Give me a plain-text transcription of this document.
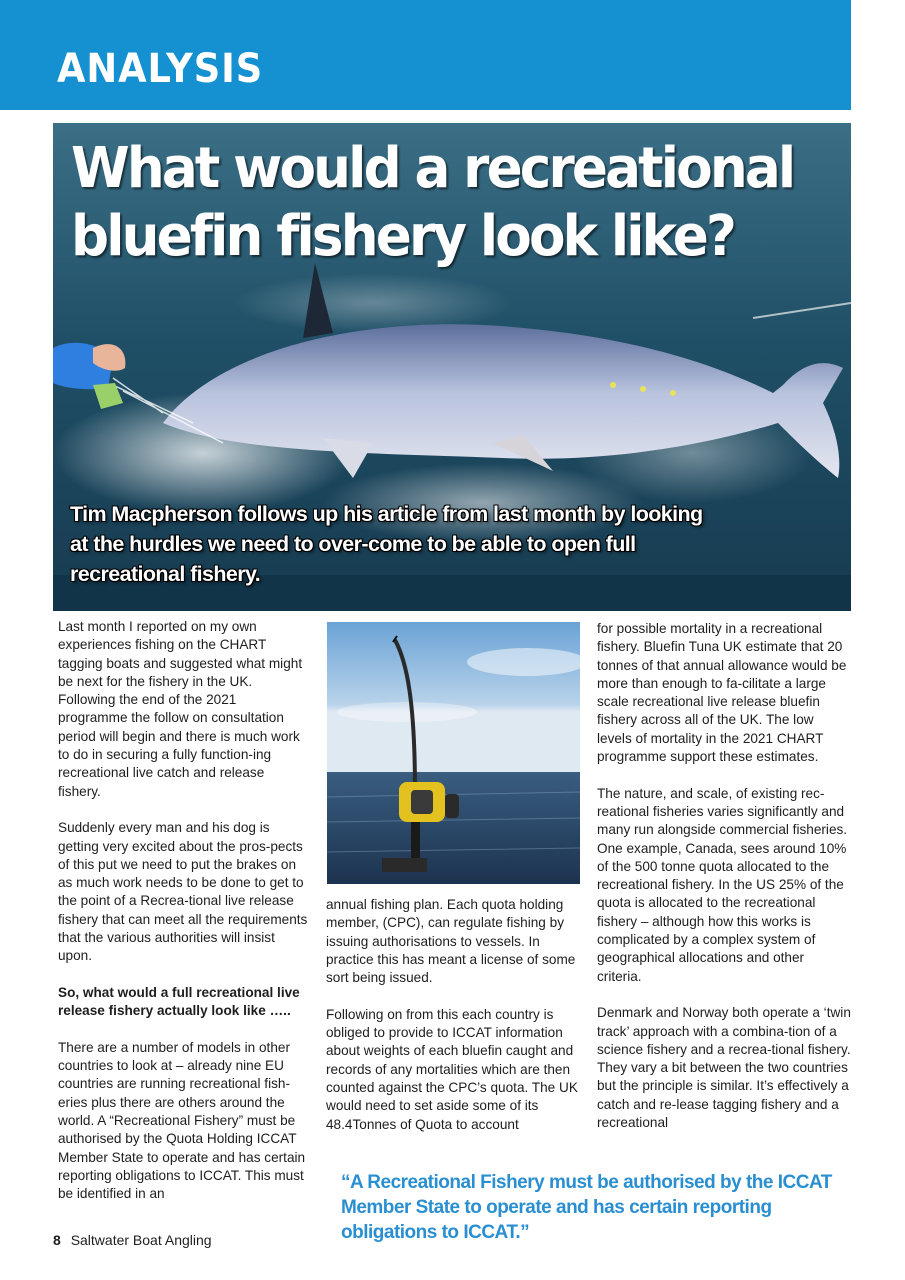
ANALYSIS
What would a recreational bluefin fishery look like?

Tim Macpherson follows up his article from last month by looking at the hurdles we need to over-come to be able to open full recreational fishery.

Last month I reported on my own experiences fishing on the CHART tagging boats and suggested what might be next for the fishery in the UK. Following the end of the 2021 programme the follow on consultation period will begin and there is much work to do in securing a fully function-ing recreational live catch and release fishery.

Suddenly every man and his dog is getting very excited about the pros-pects of this put we need to put the brakes on as much work needs to be done to get to the point of a Recrea-tional live release fishery that can meet all the requirements that the various authorities will insist upon.

So, what would a full recreational live release fishery actually look like …..

There are a number of models in other countries to look at – already nine EU countries are running recreational fish-eries plus there are others around the world. A “Recreational Fishery” must be authorised by the Quota Holding ICCAT Member State to operate and has certain reporting obligations to ICCAT. This must be identified in an

annual fishing plan. Each quota holding member, (CPC), can regulate fishing by issuing authorisations to vessels. In practice this has meant a license of some sort being issued.

Following on from this each country is obliged to provide to ICCAT information about weights of each bluefin caught and records of any mortalities which are then counted against the CPC’s quota. The UK would need to set aside some of its 48.4Tonnes of Quota to account

for possible mortality in a recreational fishery. Bluefin Tuna UK estimate that 20 tonnes of that annual allowance would be more than enough to fa-cilitate a large scale recreational live release bluefin fishery across all of the UK. The low levels of mortality in the 2021 CHART programme support these estimates.

The nature, and scale, of existing rec-reational fisheries varies significantly and many run alongside commercial fisheries. One example, Canada, sees around 10% of the 500 tonne quota allocated to the recreational fishery. In the US 25% of the quota is allocated to the recreational fishery – although how this works is complicated by a complex system of geographical allocations and other criteria.

Denmark and Norway both operate a ‘twin track’ approach with a combina-tion of a science fishery and a recrea-tional fishery. They vary a bit between the two countries but the principle is similar. It’s effectively a catch and re-lease tagging fishery and a recreational

“A Recreational Fishery must be authorised by the ICCAT Member State to operate and has certain reporting obligations to ICCAT.”

8 Saltwater Boat Angling
